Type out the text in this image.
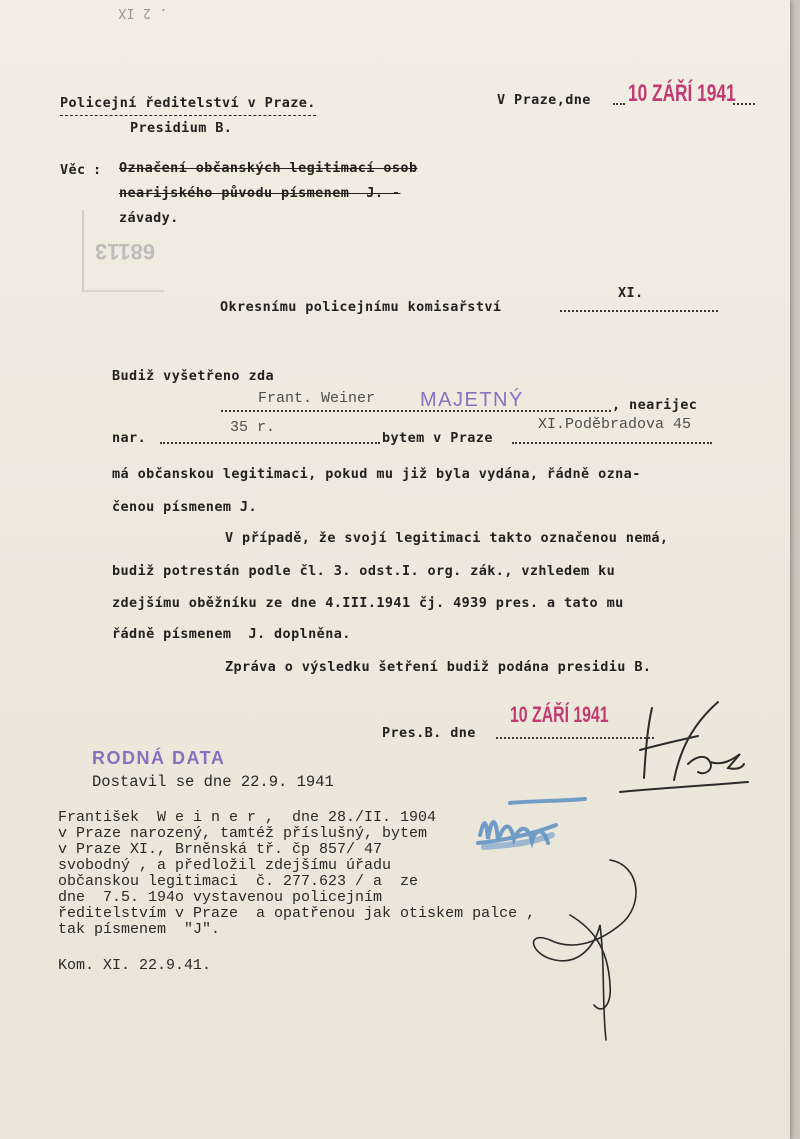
68113
. 2 IX
Policejní ředitelství v Praze.
Presidium B.
V Praze,dne 10 ZÁŘÍ 1941
Věc : Označení občanských legitimací osob
nearijského původu písmenem  J. -
závady.
Okresnímu policejnímu komisařství
XI.
Budiž vyšetřeno zda
Frant. Weiner MAJETNÝ	, nearijec
nar.
35 r.
bytem v Praze
XI.Poděbradova 45
má občanskou legitimaci, pokud mu již byla vydána, řádně ozna-
čenou písmenem J.
V případě, že svojí legitimaci takto označenou nemá,
budiž potrestán podle čl. 3. odst.I. org. zák., vzhledem ku
zdejšímu oběžníku ze dne 4.III.1941 čj. 4939 pres. a tato mu
řádně písmenem  J. doplněna.
Zpráva o výsledku šetření budiž podána presidiu B.
Pres.B. dne
10 ZÁŘÍ 1941
RODNÁ DATA
Dostavil se dne 22.9. 1941
František  W e i n e r ,  dne 28./II. 1904
v Praze narozený, tamtéž příslušný, bytem
v Praze XI., Brněnská tř. čp 857/ 47
svobodný , a předložil zdejšímu úřadu
občanskou legitimaci  č. 277.623 / a  ze
dne  7.5. 194o vystavenou policejním
ředitelstvím v Praze  a opatřenou jak otiskem palce ,
tak písmenem  "J".
Kom. XI. 22.9.41.
